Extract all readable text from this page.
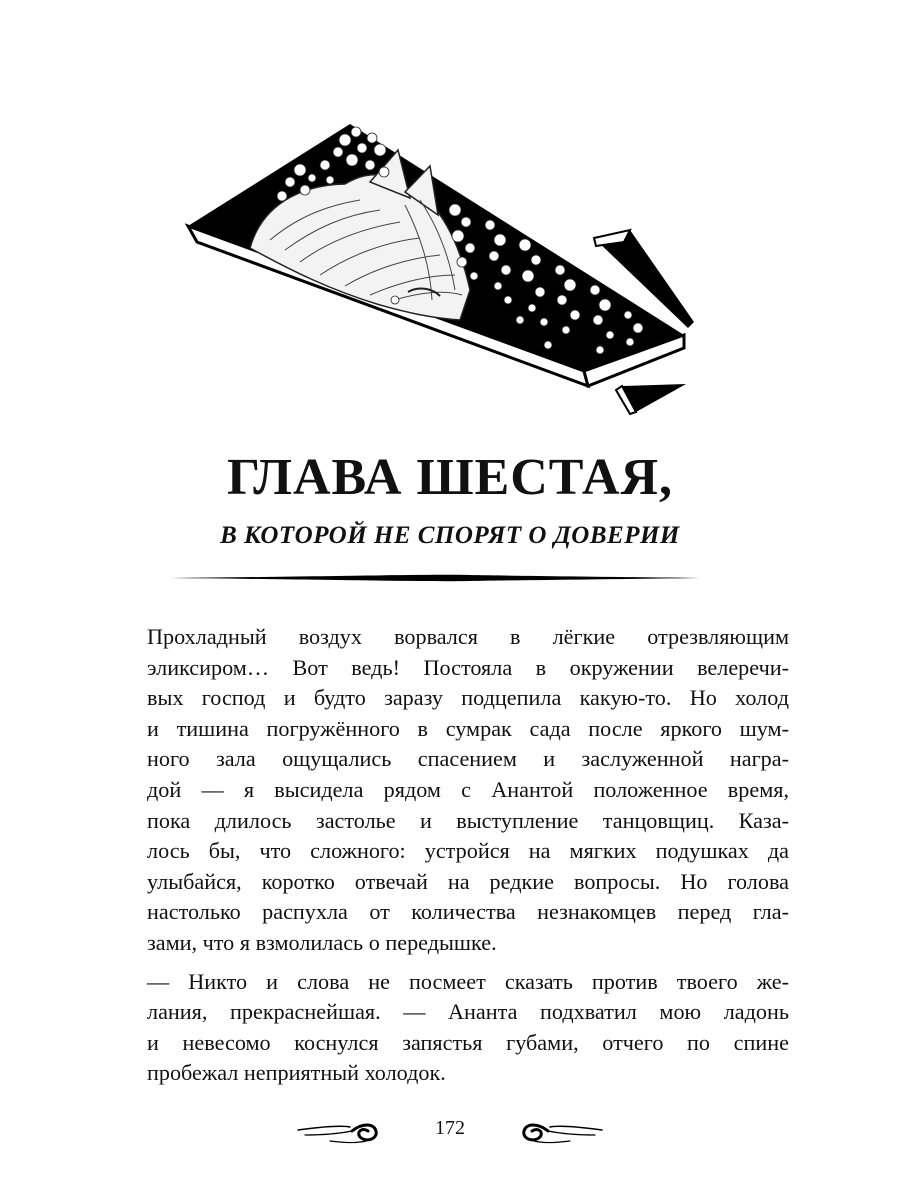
ГЛАВА ШЕСТАЯ,
В КОТОРОЙ НЕ СПОРЯТ О ДОВЕРИИ

Прохладный воздух ворвался в лёгкие отрезвляющим
эликсиром… Вот ведь! Постояла в окружении велеречи-
вых господ и будто заразу подцепила какую-то. Но холод
и тишина погружённого в сумрак сада после яркого шум-
ного зала ощущались спасением и заслуженной награ-
дой — я высидела рядом с Анантой положенное время,
пока длилось застолье и выступление танцовщиц. Каза-
лось бы, что сложного: устройся на мягких подушках да
улыбайся, коротко отвечай на редкие вопросы. Но голова
настолько распухла от количества незнакомцев перед гла-
зами, что я взмолилась о передышке.

— Никто и слова не посмеет сказать против твоего же-
лания, прекраснейшая. — Ананта подхватил мою ладонь
и невесомо коснулся запястья губами, отчего по спине
пробежал неприятный холодок.

172
